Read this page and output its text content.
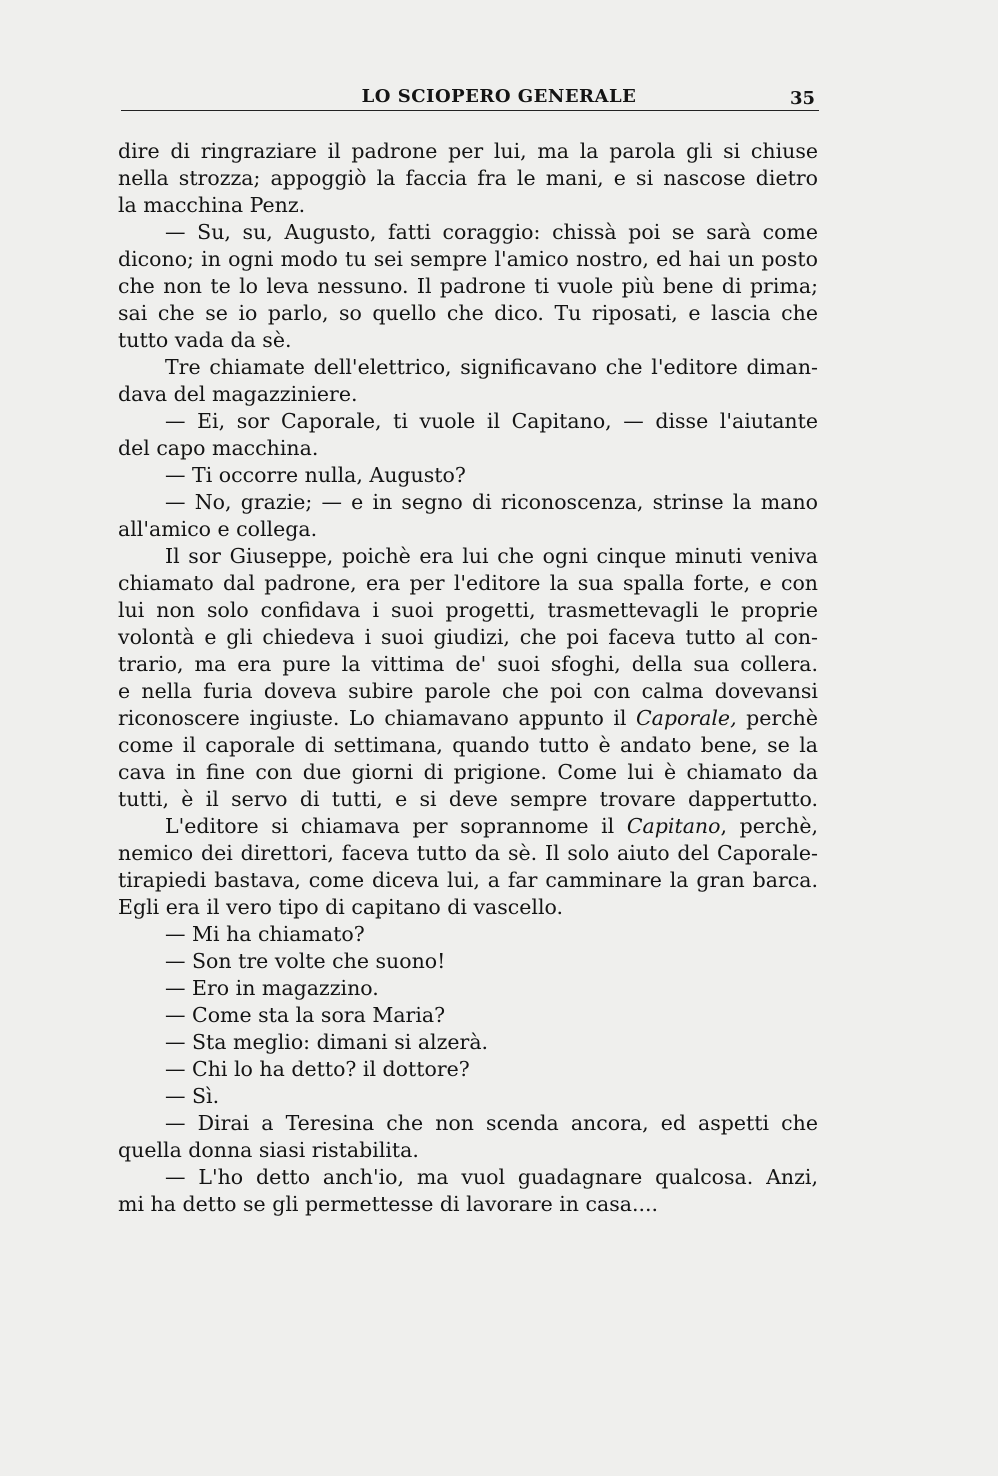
LO SCIOPERO GENERALE	35
dire di ringraziare il padrone per lui, ma la parola gli si chiuse
nella strozza; appoggiò la faccia fra le mani, e si nascose dietro
la macchina Penz.
— Su, su, Augusto, fatti coraggio: chissà poi se sarà come
dicono; in ogni modo tu sei sempre l'amico nostro, ed hai un posto
che non te lo leva nessuno. Il padrone ti vuole più bene di prima;
sai che se io parlo, so quello che dico. Tu riposati, e lascia che
tutto vada da sè.
Tre chiamate dell'elettrico, significavano che l'editore diman-
dava del magazziniere.
— Ei, sor Caporale, ti vuole il Capitano, — disse l'aiutante
del capo macchina.
— Ti occorre nulla, Augusto?
— No, grazie; — e in segno di riconoscenza, strinse la mano
all'amico e collega.
Il sor Giuseppe, poichè era lui che ogni cinque minuti veniva
chiamato dal padrone, era per l'editore la sua spalla forte, e con
lui non solo confidava i suoi progetti, trasmettevagli le proprie
volontà e gli chiedeva i suoi giudizi, che poi faceva tutto al con-
trario, ma era pure la vittima de' suoi sfoghi, della sua collera.
e nella furia doveva subire parole che poi con calma dovevansi
riconoscere ingiuste. Lo chiamavano appunto il Caporale, perchè
come il caporale di settimana, quando tutto è andato bene, se la
cava in fine con due giorni di prigione. Come lui è chiamato da
tutti, è il servo di tutti, e si deve sempre trovare dappertutto.
L'editore si chiamava per soprannome il Capitano, perchè,
nemico dei direttori, faceva tutto da sè. Il solo aiuto del Caporale-
tirapiedi bastava, come diceva lui, a far camminare la gran barca.
Egli era il vero tipo di capitano di vascello.
— Mi ha chiamato?
— Son tre volte che suono!
— Ero in magazzino.
— Come sta la sora Maria?
— Sta meglio: dimani si alzerà.
— Chi lo ha detto? il dottore?
— Sì.
— Dirai a Teresina che non scenda ancora, ed aspetti che
quella donna siasi ristabilita.
— L'ho detto anch'io, ma vuol guadagnare qualcosa. Anzi,
mi ha detto se gli permettesse di lavorare in casa....
